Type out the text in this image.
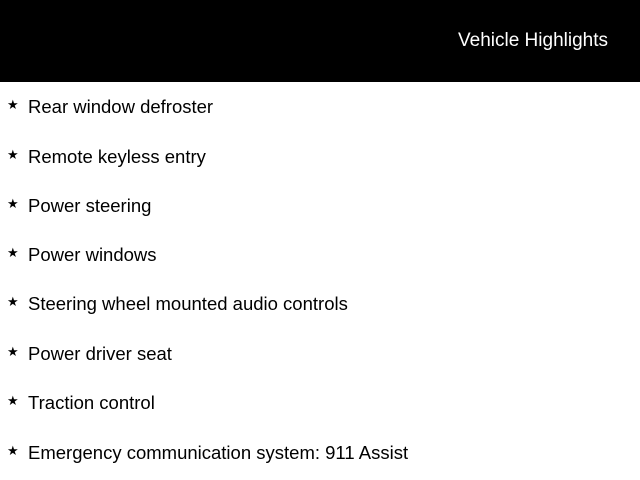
Vehicle Highlights
★ Rear window defroster
★ Remote keyless entry
★ Power steering
★ Power windows
★ Steering wheel mounted audio controls
★ Power driver seat
★ Traction control
★ Emergency communication system: 911 Assist
